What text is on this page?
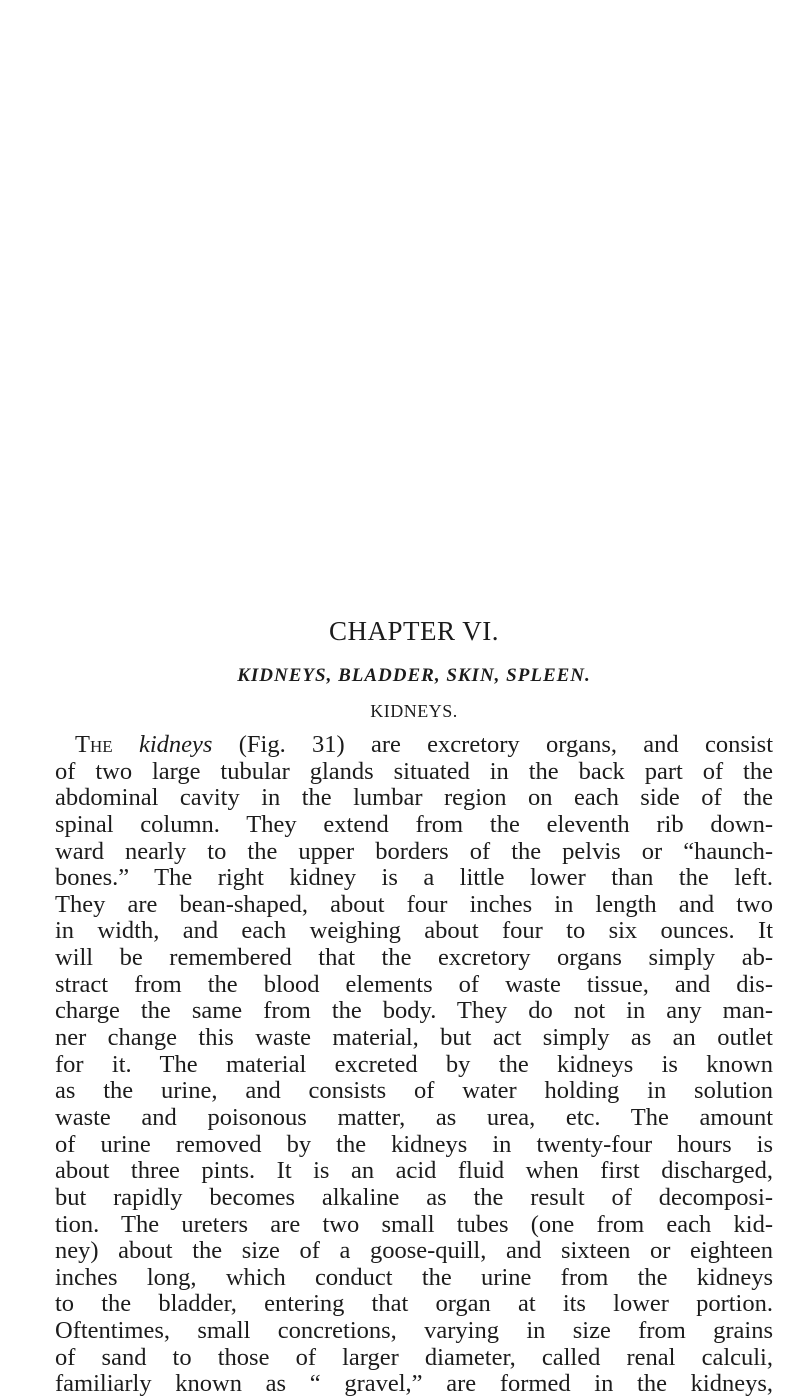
CHAPTER VI.
KIDNEYS, BLADDER, SKIN, SPLEEN.
KIDNEYS.
The kidneys (Fig. 31) are excretory organs, and consist
of two large tubular glands situated in the back part of the
abdominal cavity in the lumbar region on each side of the
spinal column. They extend from the eleventh rib down-
ward nearly to the upper borders of the pelvis or “haunch-
bones.” The right kidney is a little lower than the left.
They are bean-shaped, about four inches in length and two
in width, and each weighing about four to six ounces. It
will be remembered that the excretory organs simply ab-
stract from the blood elements of waste tissue, and dis-
charge the same from the body. They do not in any man-
ner change this waste material, but act simply as an outlet
for it. The material excreted by the kidneys is known
as the urine, and consists of water holding in solution
waste and poisonous matter, as urea, etc. The amount
of urine removed by the kidneys in twenty-four hours is
about three pints. It is an acid fluid when first discharged,
but rapidly becomes alkaline as the result of decomposi-
tion. The ureters are two small tubes (one from each kid-
ney) about the size of a goose-quill, and sixteen or eighteen
inches long, which conduct the urine from the kidneys
to the bladder, entering that organ at its lower portion.
Oftentimes, small concretions, varying in size from grains
of sand to those of larger diameter, called renal calculi,
familiarly known as “ gravel,” are formed in the kidneys,
